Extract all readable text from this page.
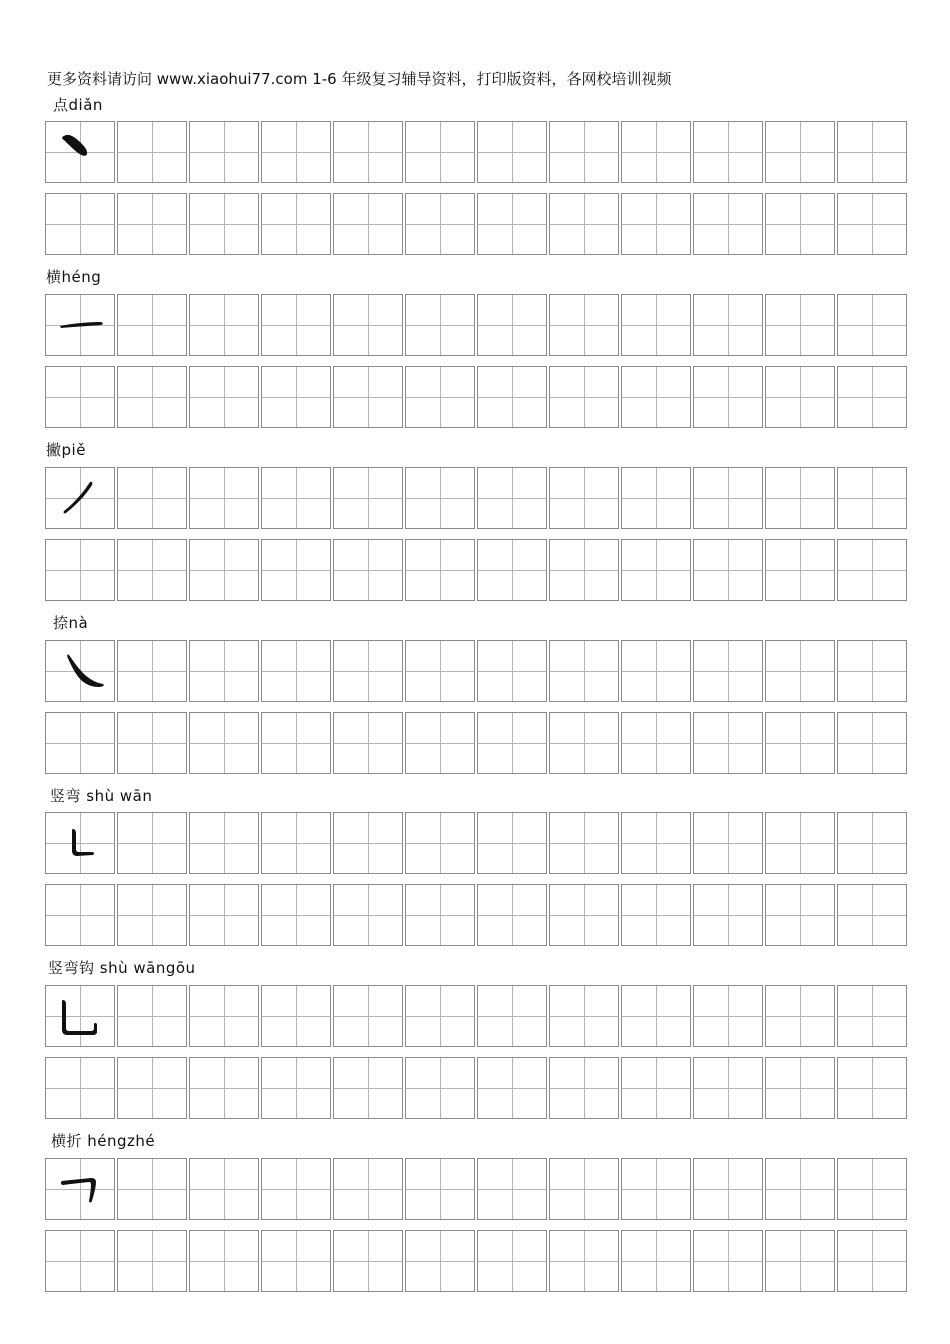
更多资料请访问 www.xiaohui77.com 1-6 年级复习辅导资料，打印版资料，各网校培训视频
点diǎn
横héng
撇piě
捺nà
竖弯 shù wān
竖弯钩 shù wāngōu
横折 héngzhé
